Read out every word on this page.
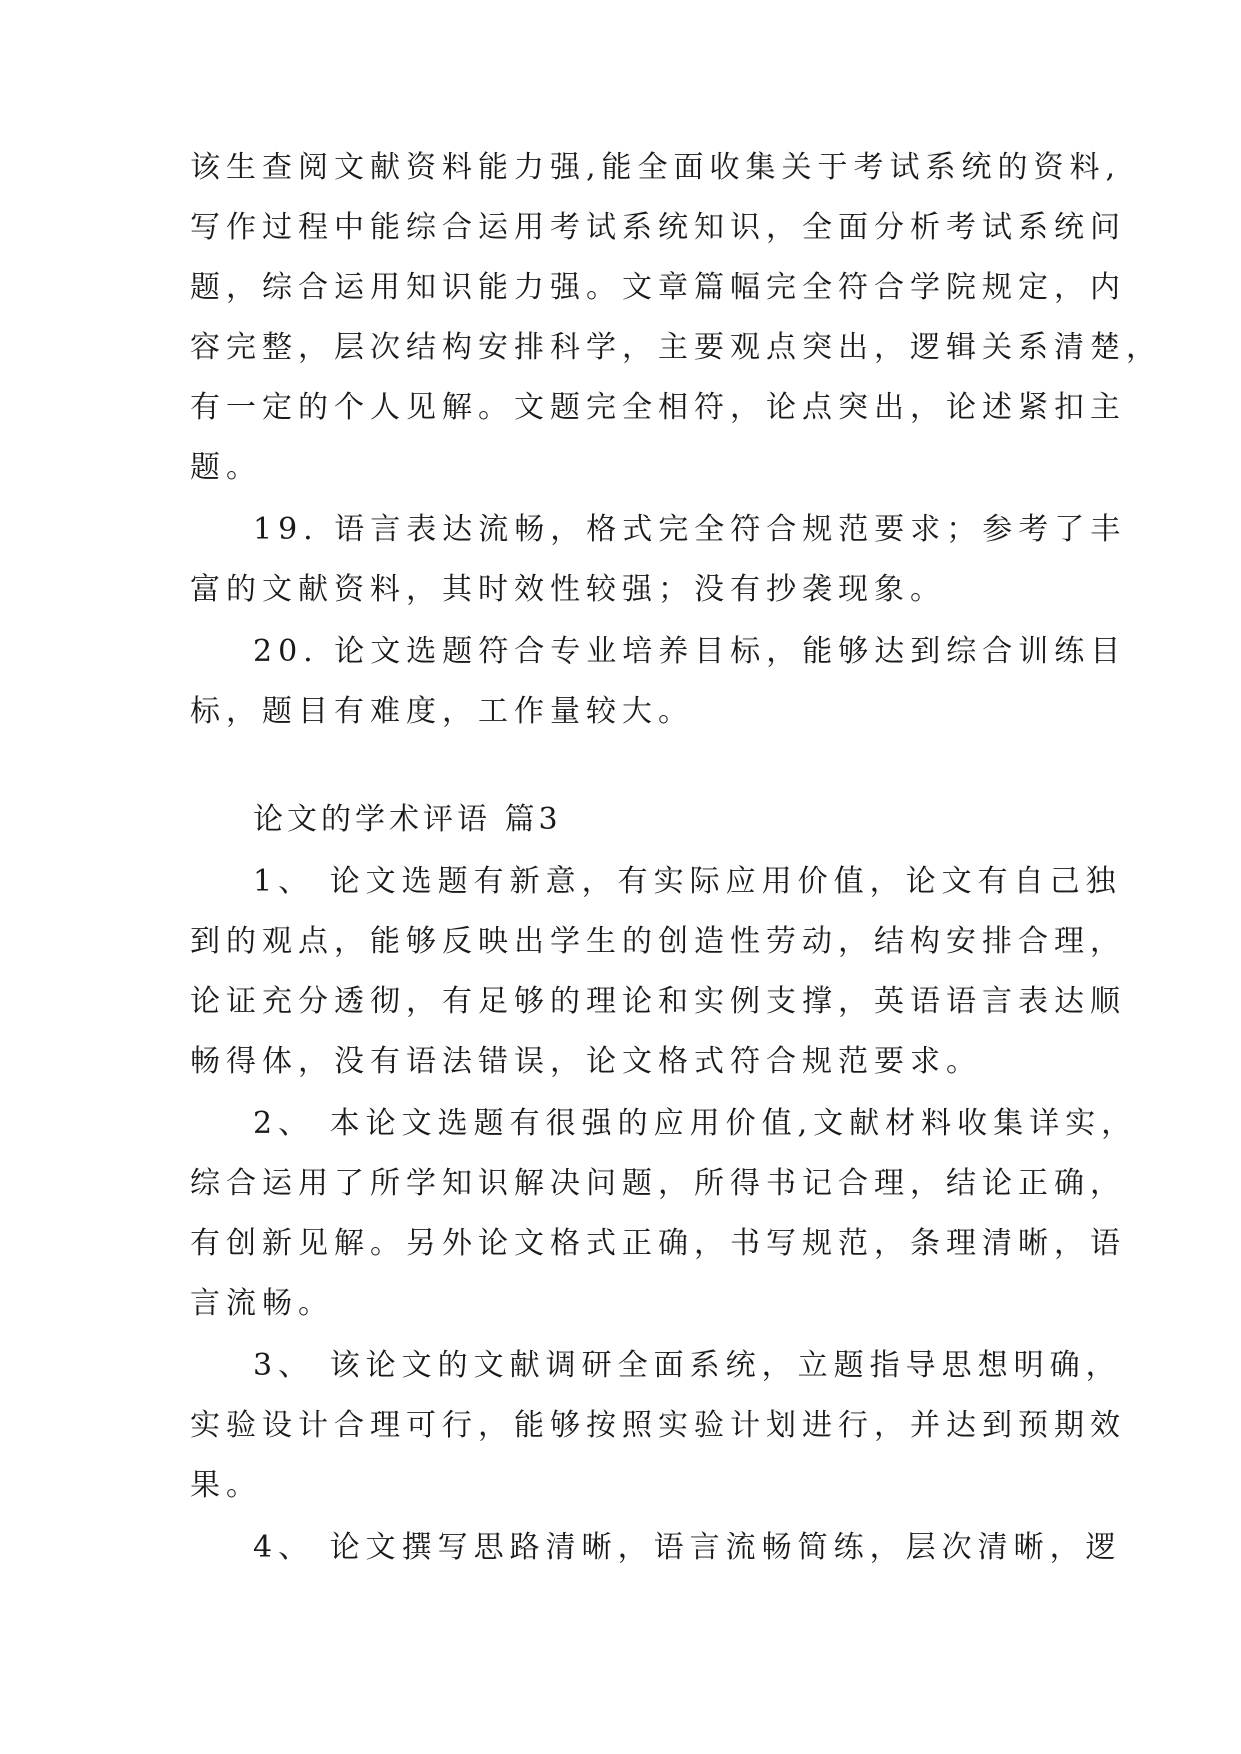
该生查阅文献资料能力强,能全面收集关于考试系统的资料,
写作过程中能综合运用考试系统知识，全面分析考试系统问
题，综合运用知识能力强。文章篇幅完全符合学院规定，内
容完整，层次结构安排科学，主要观点突出，逻辑关系清楚，
有一定的个人见解。文题完全相符，论点突出，论述紧扣主
题。
19. 语言表达流畅，格式完全符合规范要求；参考了丰
富的文献资料，其时效性较强；没有抄袭现象。
20. 论文选题符合专业培养目标，能够达到综合训练目
标，题目有难度，工作量较大。
论文的学术评语 篇3
1、 论文选题有新意，有实际应用价值，论文有自己独
到的观点，能够反映出学生的创造性劳动，结构安排合理，
论证充分透彻，有足够的理论和实例支撑，英语语言表达顺
畅得体，没有语法错误，论文格式符合规范要求。
2、 本论文选题有很强的应用价值,文献材料收集详实，
综合运用了所学知识解决问题，所得书记合理，结论正确，
有创新见解。另外论文格式正确，书写规范，条理清晰，语
言流畅。
3、 该论文的文献调研全面系统，立题指导思想明确，
实验设计合理可行，能够按照实验计划进行，并达到预期效
果。
4、 论文撰写思路清晰，语言流畅简练，层次清晰，逻
